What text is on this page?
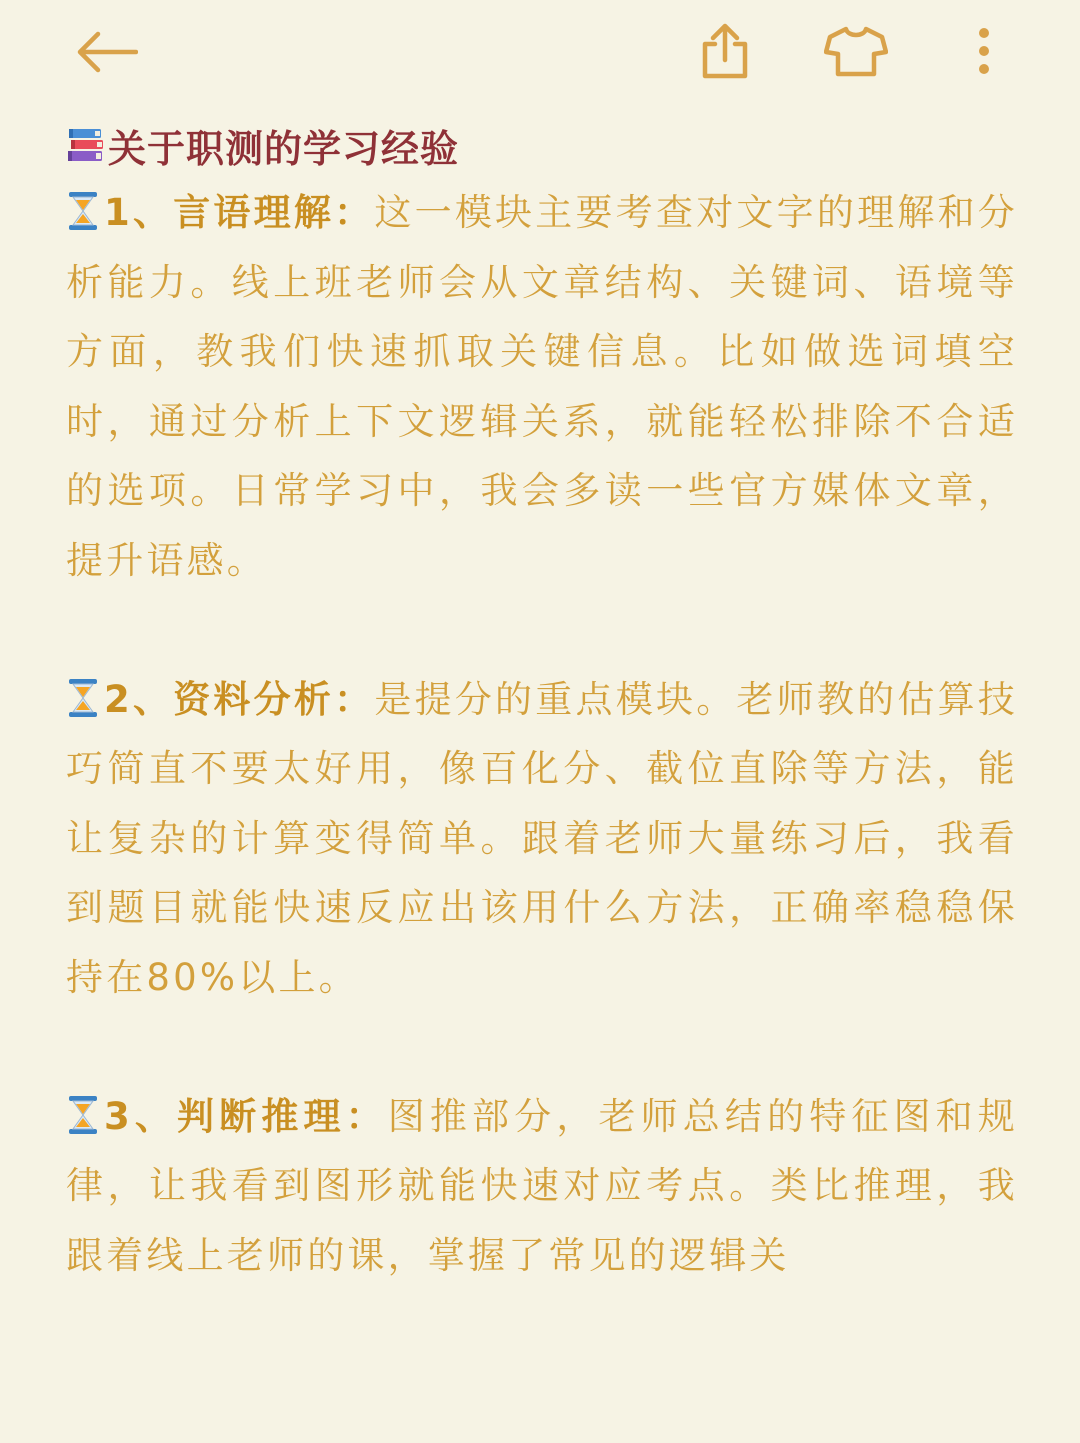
关于职测的学习经验

1、言语理解：这一模块主要考查对文字的理解和分析能力。线上班老师会从文章结构、关键词、语境等方面，教我们快速抓取关键信息。比如做选词填空时，通过分析上下文逻辑关系，就能轻松排除不合适的选项。日常学习中，我会多读一些官方媒体文章，提升语感。

2、资料分析：是提分的重点模块。老师教的估算技巧简直不要太好用，像百化分、截位直除等方法，能让复杂的计算变得简单。跟着老师大量练习后，我看到题目就能快速反应出该用什么方法，正确率稳稳保持在80%以上。

3、判断推理：图推部分，老师总结的特征图和规律，让我看到图形就能快速对应考点。类比推理，我跟着线上老师的课，掌握了常见的逻辑关
